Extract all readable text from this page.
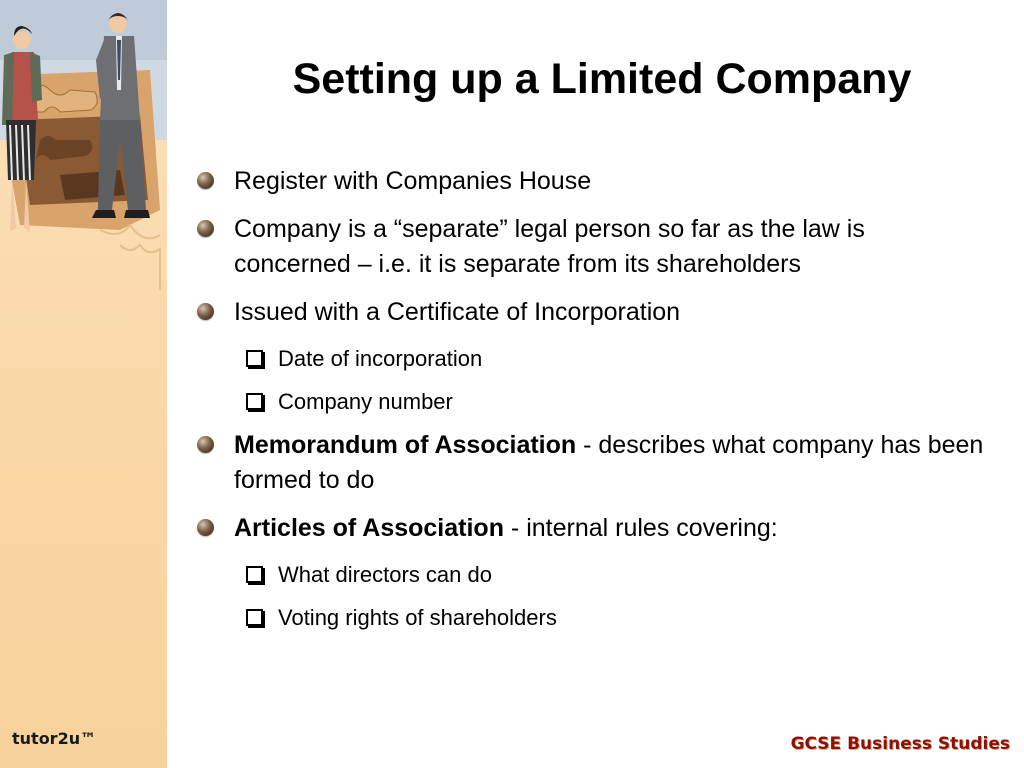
tutor2u™
Setting up a Limited Company
Register with Companies House
Company is a “separate” legal person so far as the law is concerned – i.e. it is separate from its shareholders
Issued with a Certificate of Incorporation
Date of incorporation
Company number
Memorandum of Association - describes what company has been formed to do
Articles of Association - internal rules covering:
What directors can do
Voting rights of shareholders
GCSE Business Studies
